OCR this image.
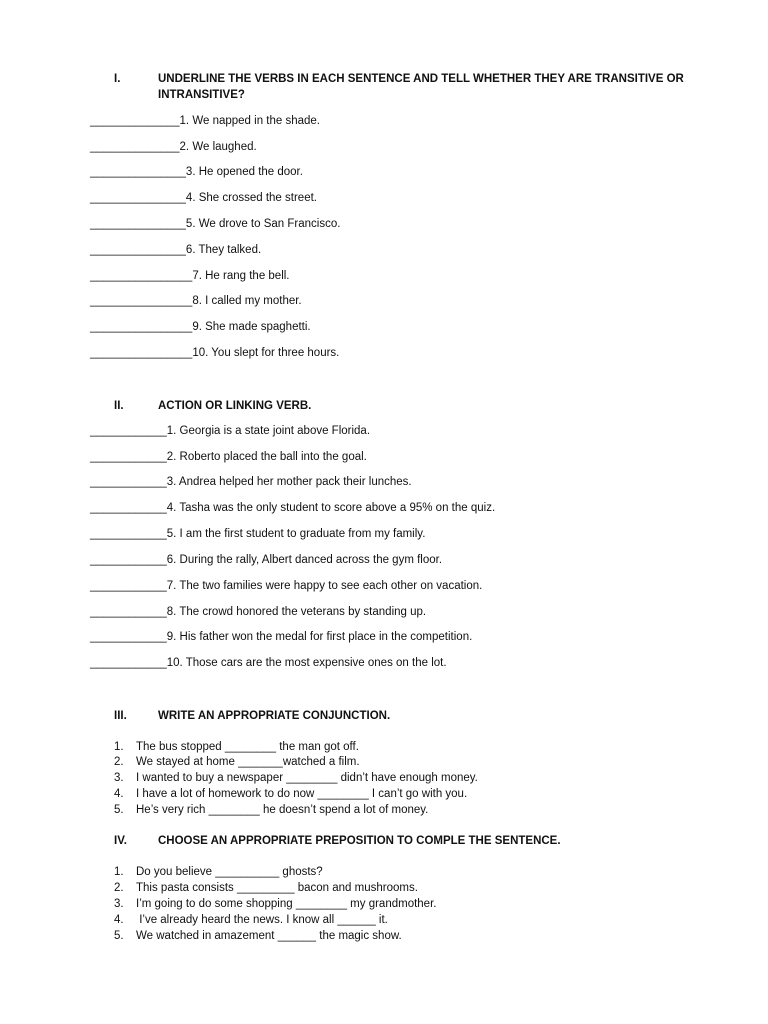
I.	UNDERLINE THE VERBS IN EACH SENTENCE AND TELL WHETHER THEY ARE TRANSITIVE OR
INTRANSITIVE?
______________1. We napped in the shade.
______________2. We laughed.
_______________3. He opened the door.
_______________4. She crossed the street.
_______________5. We drove to San Francisco.
_______________6. They talked.
________________7. He rang the bell.
________________8. I called my mother.
________________9. She made spaghetti.
________________10. You slept for three hours.
II.	ACTION OR LINKING VERB.
____________1. Georgia is a state joint above Florida.
____________2. Roberto placed the ball into the goal.
____________3. Andrea helped her mother pack their lunches.
____________4. Tasha was the only student to score above a 95% on the quiz.
____________5. I am the first student to graduate from my family.
____________6. During the rally, Albert danced across the gym floor.
____________7. The two families were happy to see each other on vacation.
____________8. The crowd honored the veterans by standing up.
____________9. His father won the medal for first place in the competition.
____________10. Those cars are the most expensive ones on the lot.
III.	WRITE AN APPROPRIATE CONJUNCTION.
1. The bus stopped ________ the man got off.
2. We stayed at home _______watched a film.
3. I wanted to buy a newspaper ________ didn’t have enough money.
4. I have a lot of homework to do now ________ I can’t go with you.
5. He’s very rich ________ he doesn’t spend a lot of money.
IV.	CHOOSE AN APPROPRIATE PREPOSITION TO COMPLE THE SENTENCE.
1. Do you believe __________ ghosts?
2. This pasta consists _________ bacon and mushrooms.
3. I’m going to do some shopping ________ my grandmother.
4. I’ve already heard the news. I know all ______ it.
5. We watched in amazement ______ the magic show.
